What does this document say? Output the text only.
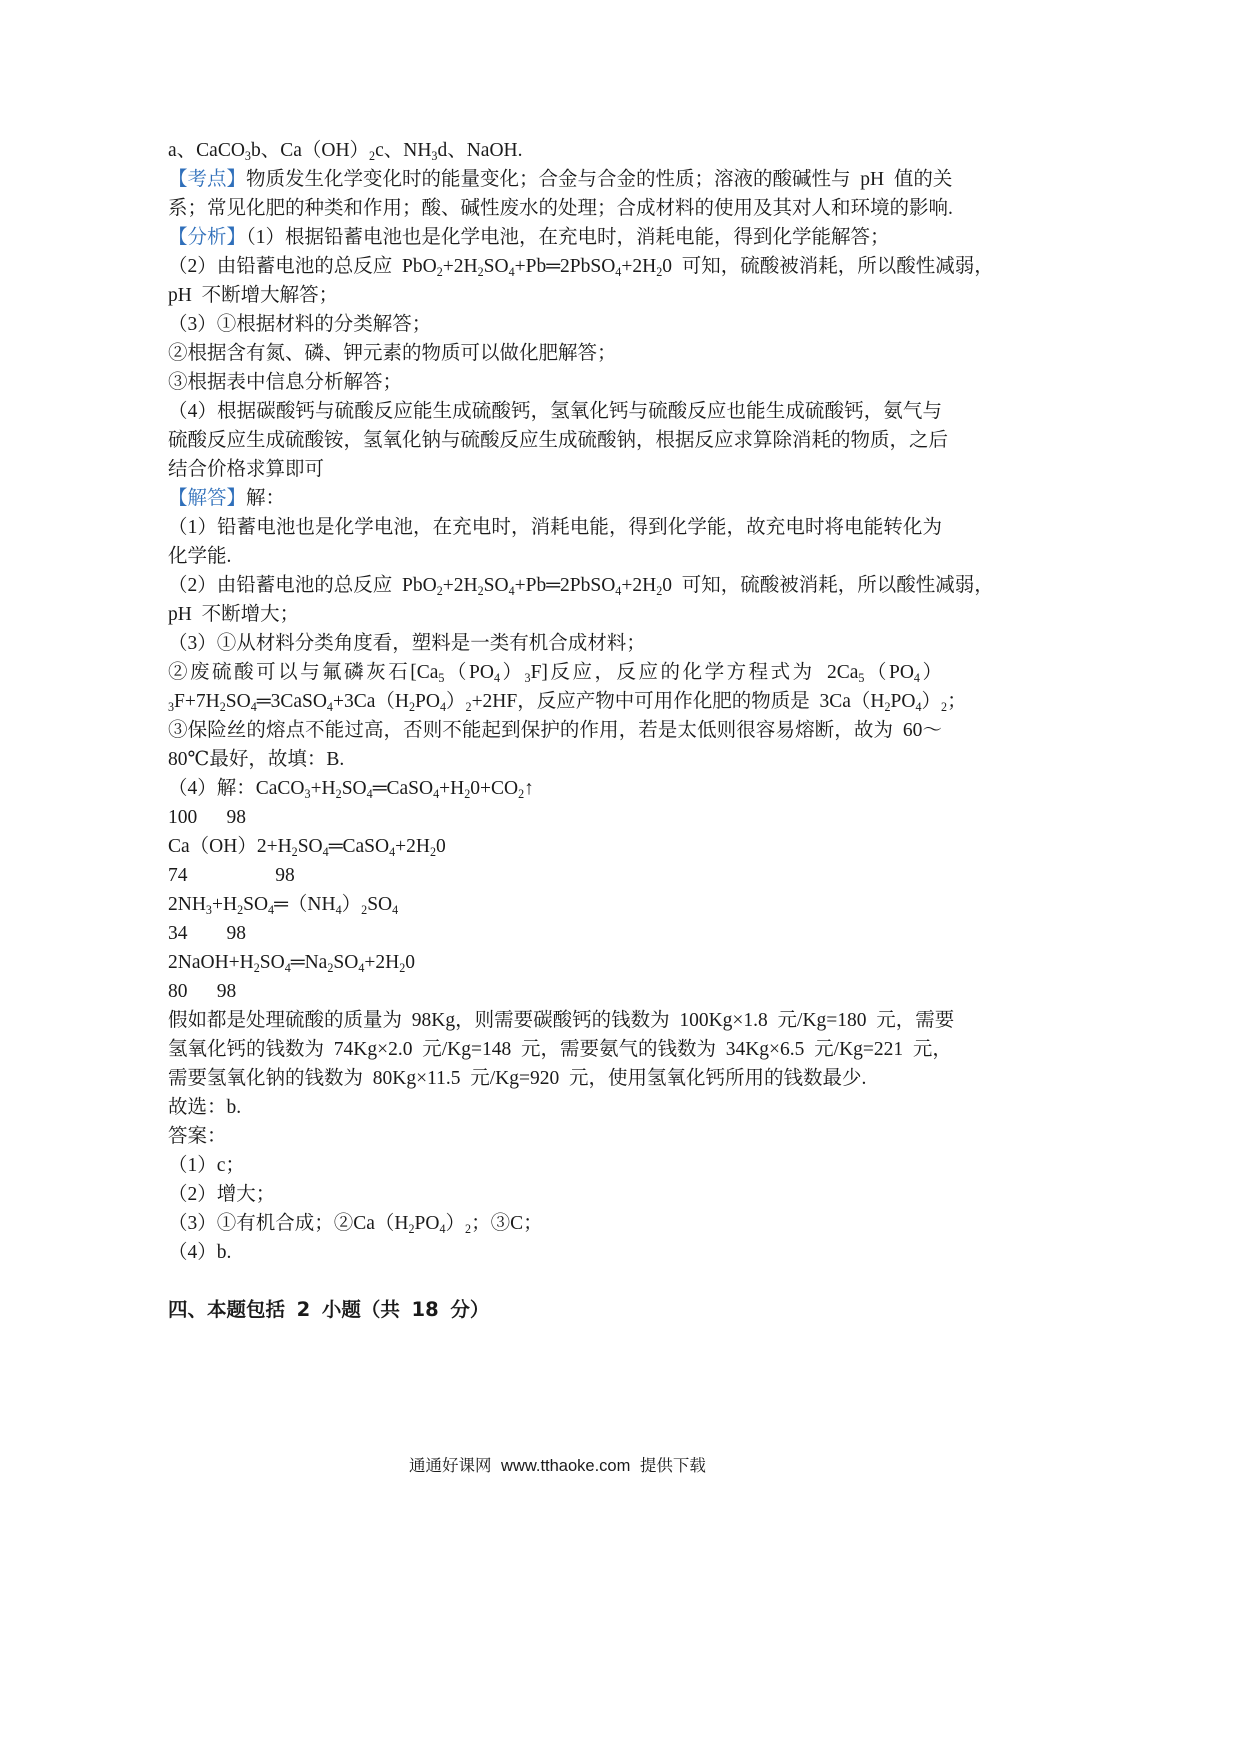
a、CaCO$_3$b、$Ca(OH)_2c$、$NH_3d$、NaOH.
【考点】物质发生化学变化时的能量变化；合金与合金的性质；溶液的酸碱性与 pH 值的关
系；常见化肥的种类和作用；酸、碱性废水的处理；合成材料的使用及其对人和环境的影响.
【分析】（1）根据铅蓄电池也是化学电池，在充电时，消耗电能，得到化学能解答；
（2）由铅蓄电池的总反应 $PbO_2+2H_2SO_4+Pb═2PbSO_4+2H_20$ 可知，硫酸被消耗，所以酸性减弱，
pH 不断增大解答；
（3）①根据材料的分类解答；
②根据含有氮、磷、钾元素的物质可以做化肥解答；
③根据表中信息分析解答；
（4）根据碳酸钙与硫酸反应能生成硫酸钙，氢氧化钙与硫酸反应也能生成硫酸钙，氨气与
硫酸反应生成硫酸铵，氢氧化钠与硫酸反应生成硫酸钠，根据反应求算除消耗的物质，之后
结合价格求算即可
【解答】解：
（1）铅蓄电池也是化学电池，在充电时，消耗电能，得到化学能，故充电时将电能转化为
化学能.
（2）由铅蓄电池的总反应 $PbO_2+2H_2SO_4+Pb═2PbSO_4+2H_20$ 可知，硫酸被消耗，所以酸性减弱，
pH 不断增大；
（3）①从材料分类角度看，塑料是一类有机合成材料；
②废硫酸可以与氟磷灰石$[Ca_5(PO_4)_3F]$反应，反应的化学方程式为 $2Ca_5(PO_4)$
$_3F+7H_2SO_4═3CaSO_4+3Ca(H_2PO_4)_2+2HF$，反应产物中可用作化肥的物质是 $3Ca(H_2PO_4)_2$；
③保险丝的熔点不能过高，否则不能起到保护的作用，若是太低则很容易熔断，故为 60～
80℃最好，故填：B.
（4）解：$CaCO_3+H_2SO_4═CaSO_4+H_20+CO_2↑$
100   98
$Ca(OH)2+H_2SO_4═CaSO_4+2H_20$
74         98
$2NH_3+H_2SO_4═(NH_4)_2SO_4$
34    98
$2NaOH+H_2SO_4═Na_2SO_4+2H_20$
80   98
假如都是处理硫酸的质量为 98Kg，则需要碳酸钙的钱数为 100Kg×1.8 元/Kg=180 元，需要
氢氧化钙的钱数为 74Kg×2.0 元/Kg=148 元，需要氨气的钱数为 34Kg×6.5 元/Kg=221 元，
需要氢氧化钠的钱数为 80Kg×11.5 元/Kg=920 元，使用氢氧化钙所用的钱数最少.
故选：b.
答案：
（1）c；
（2）增大；
（3）①有机合成；$②Ca(H_2PO_4)_2$；③C；
（4）b.
四、本题包括 2 小题（共 18 分）
通通好课网 www.tthaoke.com 提供下载
